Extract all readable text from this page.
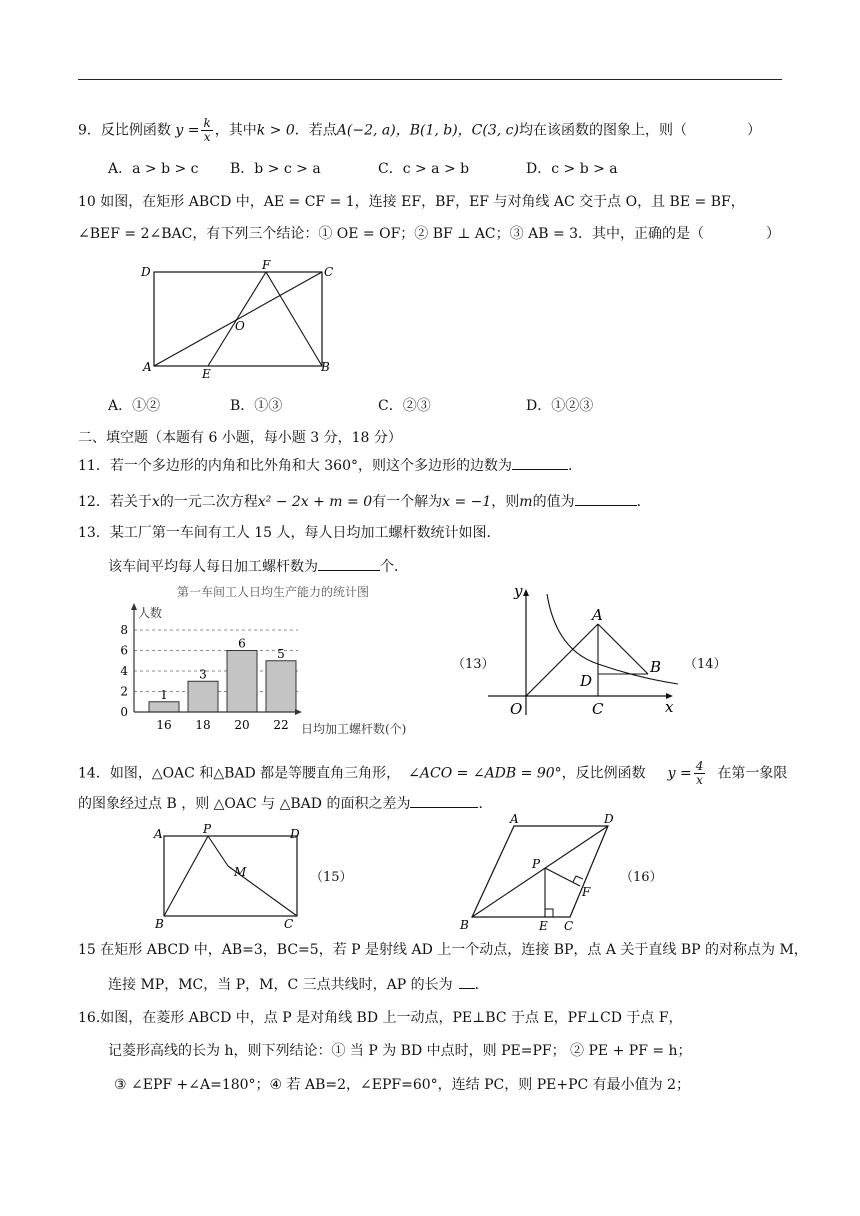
9．反比例函数 $y = \frac{k}{x}$ ，其中k > 0．若点A(−2, a)，B(1, b)，C(3, c)均在该函数的图象上，则（	）
A．a > b > c B．b > c > a	C．c > a > b	D．c > b > a
10 如图，在矩形 ABCD 中，AE = CF = 1，连接 EF，BF，EF 与对角线 AC 交于点 O，且 BE = BF，
∠BEF = 2∠BAC，有下列三个结论：① OE = OF；② BF ⊥ AC；③ AB = 3．其中，正确的是（	）
D	F	C
O
A	E	B
A．①②	B．①③	C．②③	D．①②③
二、填空题（本题有 6 小题，每小题 3 分，18 分）
11．若一个多边形的内角和比外角和大 360°，则这个多边形的边数为	．
12．若关于x的一元二次方程x² − 2x + m = 0有一个解为x = −1，则m的值为	．
13．某工厂第一车间有工人 15 人，每人日均加工螺杆数统计如图．
该车间平均每人每日加工螺杆数为	个．
第一车间工人日均生产能力的统计图
人数
日均加工螺杆数(个)
1
3
6
5
0
2
4
6
8
16 18 20 22
（13）
y
x
O
A
B
C
D
（14）
14．如图，△OAC 和△BAD 都是等腰直角三角形， ∠ACO = ∠ADB = 90°，反比例函数 $y = \frac{4}{x}$ 在第一象限
的图象经过点 B ，则 △OAC 与 △BAD 的面积之差为	．
A	P	D
M
B	C
（15）
A	D
P
F
B	E C
（16）
15 在矩形 ABCD 中，AB=3，BC=5，若 P 是射线 AD 上一个动点，连接 BP，点 A 关于直线 BP 的对称点为 M，
连接 MP，MC，当 P，M，C 三点共线时，AP 的长为 ．
16.如图，在菱形 ABCD 中，点 P 是对角线 BD 上一动点，PE⊥BC 于点 E，PF⊥CD 于点 F，
记菱形高线的长为 h，则下列结论：① 当 P 为 BD 中点时，则 PE=PF； ② PE + PF = h；
③ ∠EPF +∠A=180°；④ 若 AB=2，∠EPF=60°，连结 PC，则 PE+PC 有最小值为 2；
